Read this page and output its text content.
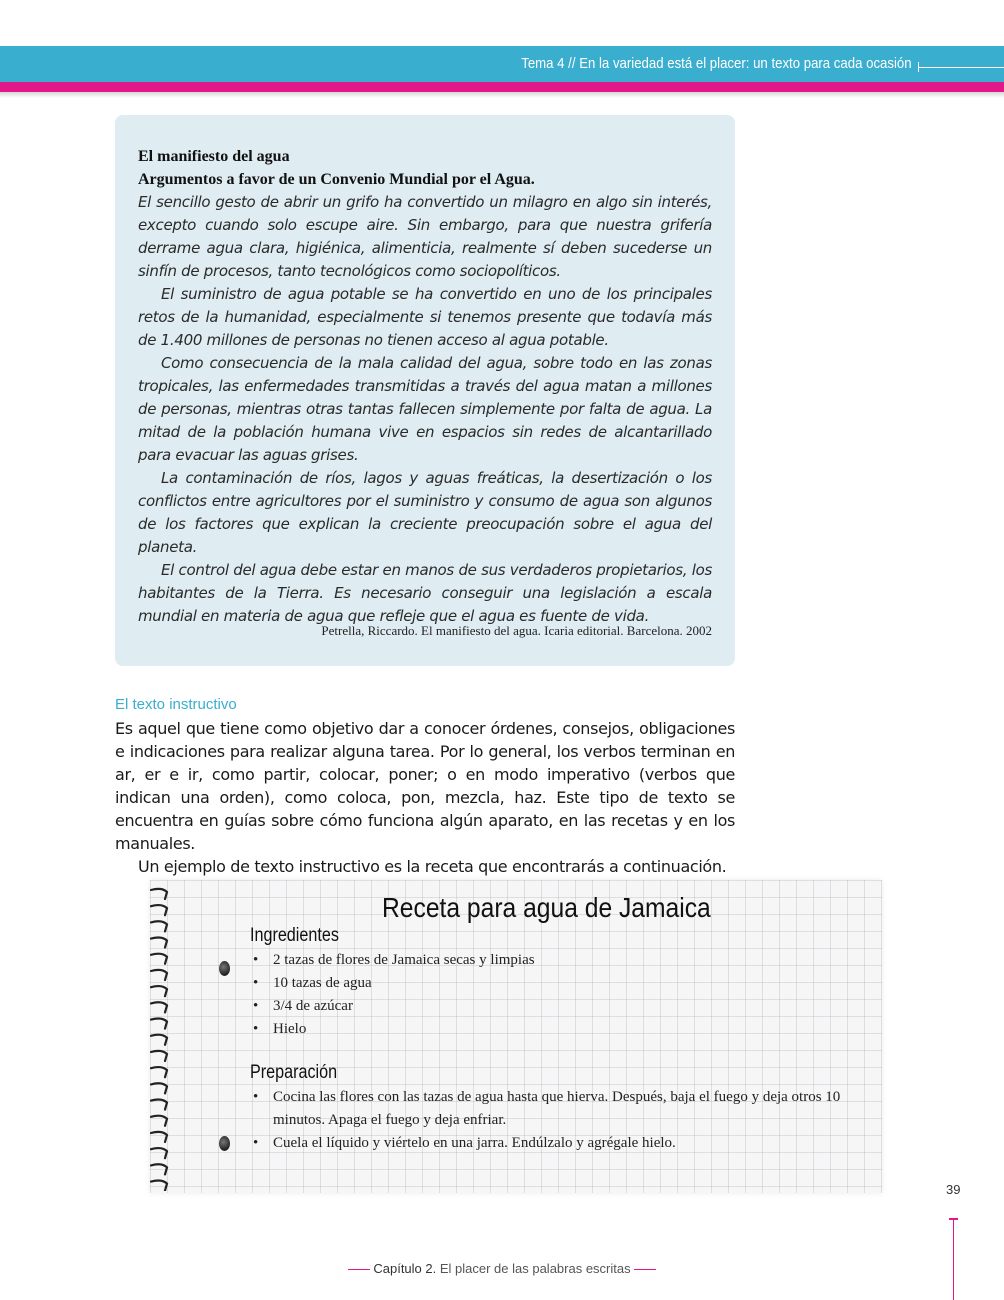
Tema 4 // En la variedad está el placer: un texto para cada ocasión

El manifiesto del agua

Argumentos a favor de un Convenio Mundial por el Agua.

El sencillo gesto de abrir un grifo ha convertido un milagro en algo sin interés, excepto cuando solo escupe aire. Sin embargo, para que nuestra grifería derrame agua clara, higiénica, alimenticia, realmente sí deben sucederse un sinfín de procesos, tanto tecnológicos como sociopolíticos.

El suministro de agua potable se ha convertido en uno de los principales retos de la humanidad, especialmente si tenemos presente que todavía más de 1.400 millones de personas no tienen acceso al agua potable.

Como consecuencia de la mala calidad del agua, sobre todo en las zonas tropicales, las enfermedades transmitidas a través del agua matan a millones de personas, mientras otras tantas fallecen simplemente por falta de agua. La mitad de la población humana vive en espacios sin redes de alcantarillado para evacuar las aguas grises.

La contaminación de ríos, lagos y aguas freáticas, la desertización o los conflictos entre agricultores por el suministro y consumo de agua son algunos de los factores que explican la creciente preocupación sobre el agua del planeta.

El control del agua debe estar en manos de sus verdaderos propietarios, los habitantes de la Tierra. Es necesario conseguir una legislación a escala mundial en materia de agua que refleje que el agua es fuente de vida.

Petrella, Riccardo. El manifiesto del agua. Icaria editorial. Barcelona. 2002
El texto instructivo

Es aquel que tiene como objetivo dar a conocer órdenes, consejos, obligaciones e indicaciones para realizar alguna tarea. Por lo general, los verbos terminan en ar, er e ir, como partir, colocar, poner; o en modo imperativo (verbos que indican una orden), como coloca, pon, mezcla, haz. Este tipo de texto se encuentra en guías sobre cómo funciona algún aparato, en las recetas y en los manuales.

Un ejemplo de texto instructivo es la receta que encontrarás a continuación.

Receta para agua de Jamaica
Ingredientes
• 2 tazas de flores de Jamaica secas y limpias
• 10 tazas de agua
• 3/4 de azúcar
• Hielo
Preparación
• Cocina las flores con las tazas de agua hasta que hierva. Después, baja el fuego y deja otros 10 minutos. Apaga el fuego y deja enfriar.
• Cuela el líquido y viértelo en una jarra. Endúlzalo y agrégale hielo.
39
Capítulo 2. El placer de las palabras escritas
